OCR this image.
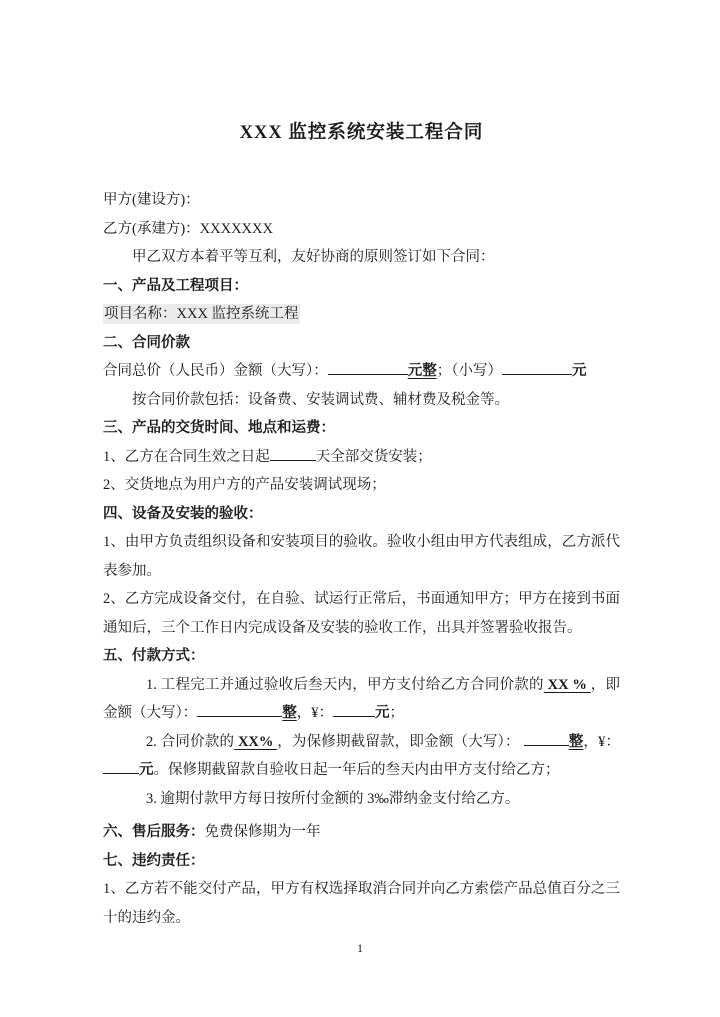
XXX 监控系统安装工程合同

甲方(建设方)：

乙方(承建方)：XXXXXXX

甲乙双方本着平等互利，友好协商的原则签订如下合同：

一、产品及工程项目：

项目名称：XXX 监控系统工程

二、合同价款

合同总价（人民币）金额（大写）：	元整；（小写）	元

按合同价款包括：设备费、安装调试费、辅材费及税金等。

三、产品的交货时间、地点和运费：

1、乙方在合同生效之日起	天全部交货安装；

2、交货地点为用户方的产品安装调试现场；

四、设备及安装的验收：

1、由甲方负责组织设备和安装项目的验收。验收小组由甲方代表组成，乙方派代表参加。

2、乙方完成设备交付，在自验、试运行正常后，书面通知甲方；甲方在接到书面通知后，三个工作日内完成设备及安装的验收工作，出具并签署验收报告。

五、付款方式：

1. 工程完工并通过验收后叁天内，甲方支付给乙方合同价款的 XX % ，即金额（大写）：	整，¥：	元；

2. 合同价款的 XX% ，为保修期截留款，即金额（大写）：	整，¥：元。保修期截留款自验收日起一年后的叁天内由甲方支付给乙方；

3. 逾期付款甲方每日按所付金额的 3‰滞纳金支付给乙方。

六、售后服务：免费保修期为一年

七、违约责任：

1、乙方若不能交付产品，甲方有权选择取消合同并向乙方索偿产品总值百分之三十的违约金。

1
